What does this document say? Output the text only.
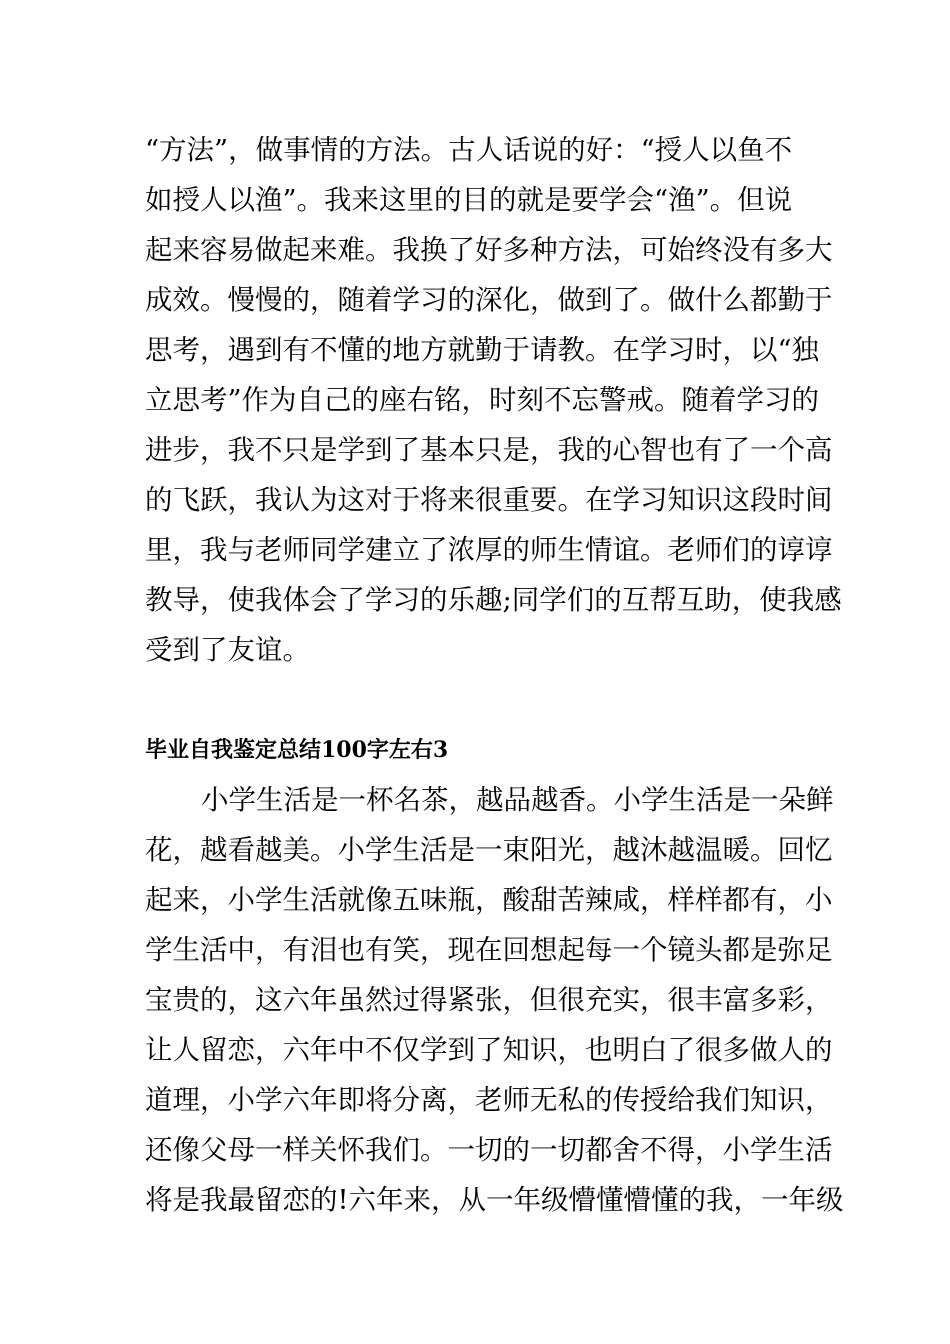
“方法”，做事情的方法。古人话说的好：“授人以鱼不

如授人以渔”。我来这里的目的就是要学会“渔”。但说

起来容易做起来难。我换了好多种方法，可始终没有多大

成效。慢慢的，随着学习的深化，做到了。做什么都勤于

思考，遇到有不懂的地方就勤于请教。在学习时，以“独

立思考”作为自己的座右铭，时刻不忘警戒。随着学习的

进步，我不只是学到了基本只是，我的心智也有了一个高

的飞跃，我认为这对于将来很重要。在学习知识这段时间

里，我与老师同学建立了浓厚的师生情谊。老师们的谆谆

教导，使我体会了学习的乐趣;同学们的互帮互助，使我感

受到了友谊。

毕业自我鉴定总结100字左右3

小学生活是一杯名茶，越品越香。小学生活是一朵鲜

花，越看越美。小学生活是一束阳光，越沐越温暖。回忆

起来，小学生活就像五味瓶，酸甜苦辣咸，样样都有，小

学生活中，有泪也有笑，现在回想起每一个镜头都是弥足

宝贵的，这六年虽然过得紧张，但很充实，很丰富多彩，

让人留恋，六年中不仅学到了知识，也明白了很多做人的

道理，小学六年即将分离，老师无私的传授给我们知识，

还像父母一样关怀我们。一切的一切都舍不得，小学生活

将是我最留恋的!六年来，从一年级懵懂懵懂的我，一年级
